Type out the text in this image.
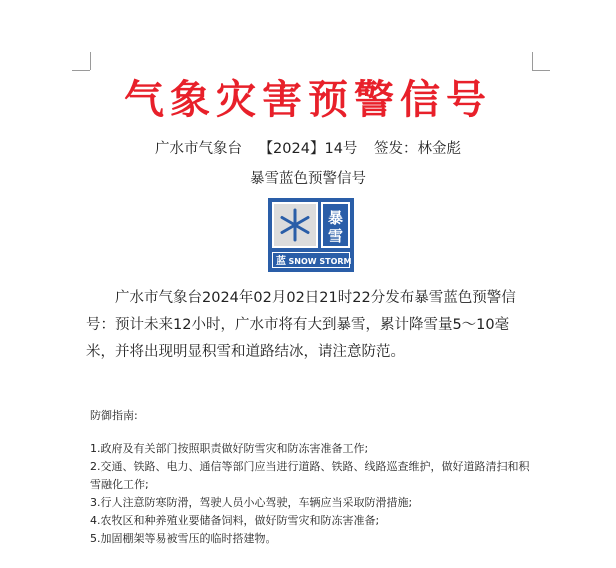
气象灾害预警信号
广水市气象台 【2024】14号 签发：林金彪
暴雪蓝色预警信号
暴
雪
蓝 SNOW STORM
广水市气象台2024年02月02日21时22分发布暴雪蓝色预警信号：预计未来12小时，广水市将有大到暴雪，累计降雪量5～10毫米，并将出现明显积雪和道路结冰，请注意防范。
防御指南:
1.政府及有关部门按照职责做好防雪灾和防冻害准备工作;
2.交通、铁路、电力、通信等部门应当进行道路、铁路、线路巡查维护，做好道路清扫和积雪融化工作;
3.行人注意防寒防滑，驾驶人员小心驾驶，车辆应当采取防滑措施;
4.农牧区和种养殖业要储备饲料，做好防雪灾和防冻害准备;
5.加固棚架等易被雪压的临时搭建物。
